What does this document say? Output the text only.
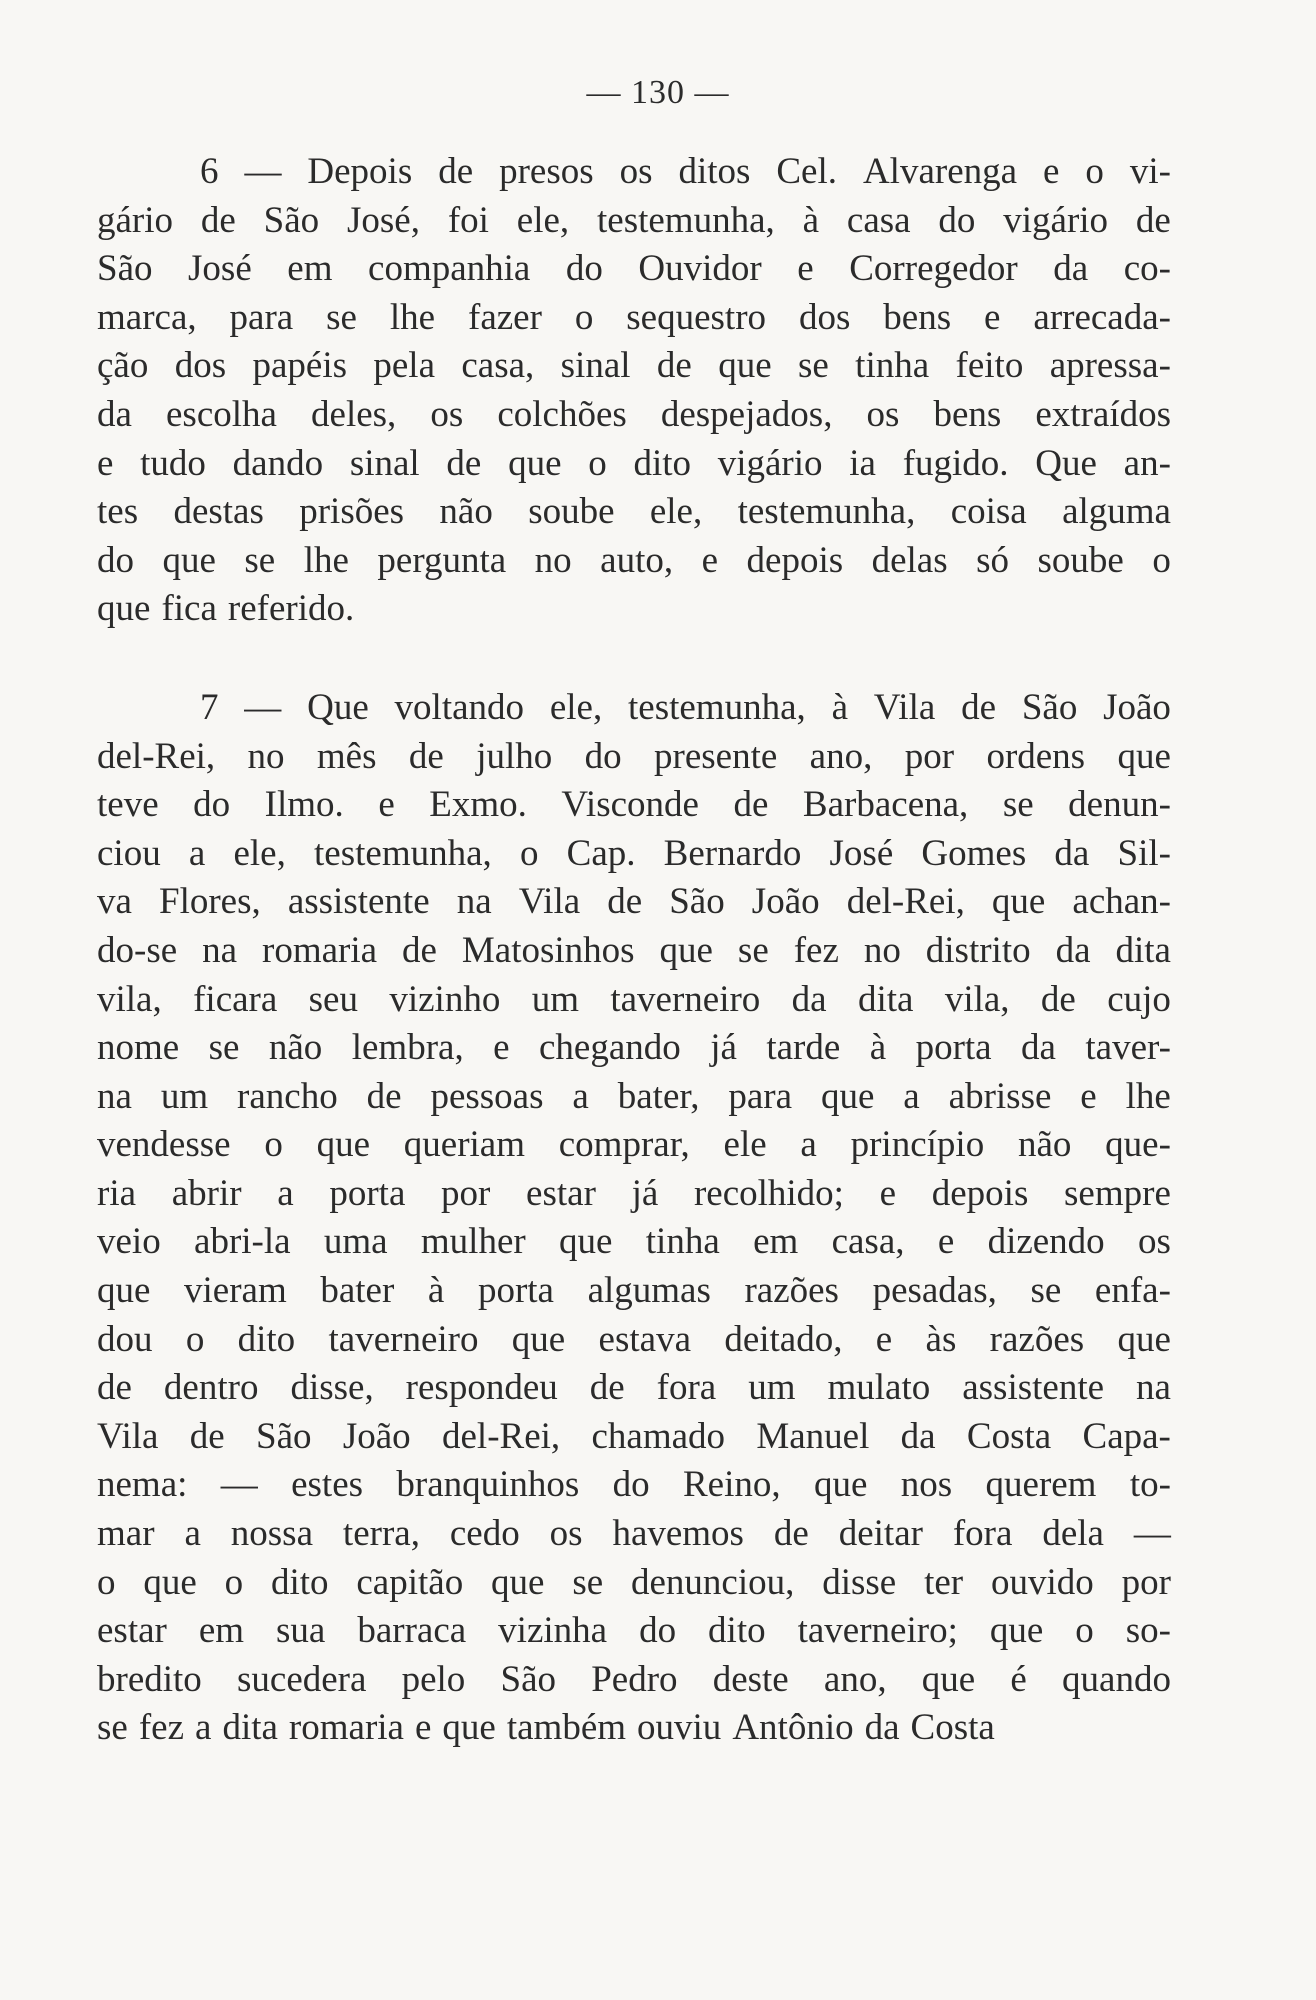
— 130 —
6 — Depois de presos os ditos Cel. Alvarenga e o vi-
gário de São José, foi ele, testemunha, à casa do vigário de
São José em companhia do Ouvidor e Corregedor da co-
marca, para se lhe fazer o sequestro dos bens e arrecada-
ção dos papéis pela casa, sinal de que se tinha feito apressa-
da escolha deles, os colchões despejados, os bens extraídos
e tudo dando sinal de que o dito vigário ia fugido. Que an-
tes destas prisões não soube ele, testemunha, coisa alguma
do que se lhe pergunta no auto, e depois delas só soube o
que fica referido.
7 — Que voltando ele, testemunha, à Vila de São João
del-Rei, no mês de julho do presente ano, por ordens que
teve do Ilmo. e Exmo. Visconde de Barbacena, se denun-
ciou a ele, testemunha, o Cap. Bernardo José Gomes da Sil-
va Flores, assistente na Vila de São João del-Rei, que achan-
do-se na romaria de Matosinhos que se fez no distrito da dita
vila, ficara seu vizinho um taverneiro da dita vila, de cujo
nome se não lembra, e chegando já tarde à porta da taver-
na um rancho de pessoas a bater, para que a abrisse e lhe
vendesse o que queriam comprar, ele a princípio não que-
ria abrir a porta por estar já recolhido; e depois sempre
veio abri-la uma mulher que tinha em casa, e dizendo os
que vieram bater à porta algumas razões pesadas, se enfa-
dou o dito taverneiro que estava deitado, e às razões que
de dentro disse, respondeu de fora um mulato assistente na
Vila de São João del-Rei, chamado Manuel da Costa Capa-
nema: — estes branquinhos do Reino, que nos querem to-
mar a nossa terra, cedo os havemos de deitar fora dela —
o que o dito capitão que se denunciou, disse ter ouvido por
estar em sua barraca vizinha do dito taverneiro; que o so-
bredito sucedera pelo São Pedro deste ano, que é quando
se fez a dita romaria e que também ouviu Antônio da Costa
